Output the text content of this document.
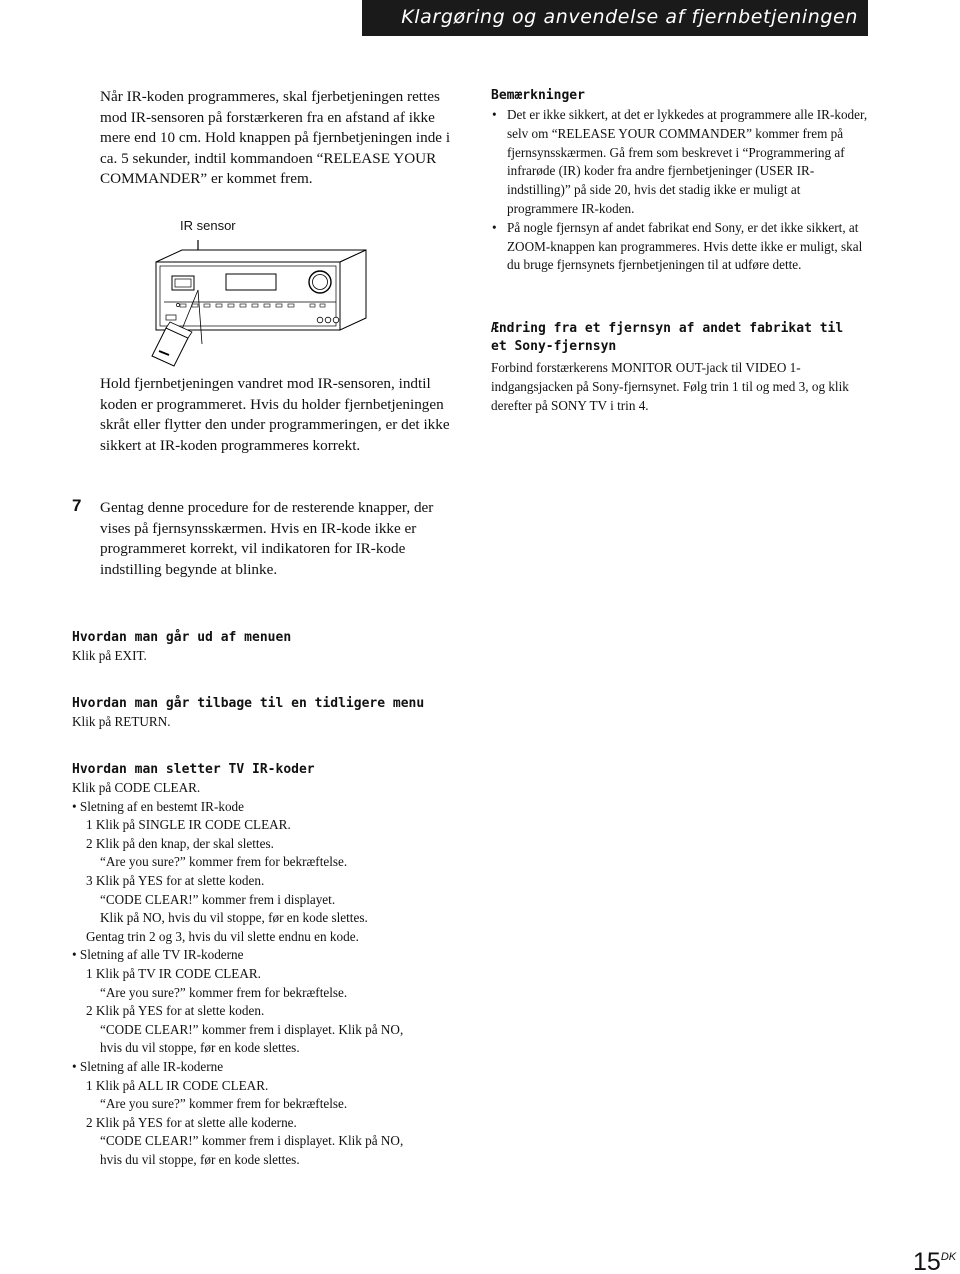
Klargøring og anvendelse af fjernbetjeningen

Når IR-koden programmeres, skal fjerbetjeningen rettes mod IR-sensoren på forstærkeren fra en afstand af ikke mere end 10 cm. Hold knappen på fjernbetjeningen inde i ca. 5 sekunder, indtil kommandoen “RELEASE YOUR COMMANDER” er kommet frem.

IR sensor

Hold fjernbetjeningen vandret mod IR-sensoren, indtil koden er programmeret. Hvis du holder fjernbetjeningen skråt eller flytter den under programmeringen, er det ikke sikkert at IR-koden programmeres korrekt.

7 Gentag denne procedure for de resterende knapper, der vises på fjernsynsskærmen. Hvis en IR-kode ikke er programmeret korrekt, vil indikatoren for IR-kode indstilling begynde at blinke.

Bemærkninger
• Det er ikke sikkert, at det er lykkedes at programmere alle IR-koder, selv om “RELEASE YOUR COMMANDER” kommer frem på fjernsynsskærmen. Gå frem som beskrevet i “Programmering af infrarøde (IR) koder fra andre fjernbetjeninger (USER IR-indstilling)” på side 20, hvis det stadig ikke er muligt at programmere IR-koden.
• På nogle fjernsyn af andet fabrikat end Sony, er det ikke sikkert, at ZOOM-knappen kan programmeres. Hvis dette ikke er muligt, skal du bruge fjernsynets fjernbetjeningen til at udføre dette.
Ændring fra et fjernsyn af andet fabrikat til et Sony-fjernsyn

Forbind forstærkerens MONITOR OUT-jack til VIDEO 1-indgangsjacken på Sony-fjernsynet. Følg trin 1 til og med 3, og klik derefter på SONY TV i trin 4.

Hvordan man går ud af menuen
Klik på EXIT.
Hvordan man går tilbage til en tidligere menu
Klik på RETURN.
Hvordan man sletter TV IR-koder
Klik på CODE CLEAR.
• Sletning af en bestemt IR-kode
1 Klik på SINGLE IR CODE CLEAR.
2 Klik på den knap, der skal slettes.
“Are you sure?” kommer frem for bekræftelse.
3 Klik på YES for at slette koden.
“CODE CLEAR!” kommer frem i displayet.
Klik på NO, hvis du vil stoppe, før en kode slettes.
Gentag trin 2 og 3, hvis du vil slette endnu en kode.
• Sletning af alle TV IR-koderne
1 Klik på TV IR CODE CLEAR.
“Are you sure?” kommer frem for bekræftelse.
2 Klik på YES for at slette koden.
“CODE CLEAR!” kommer frem i displayet. Klik på NO,
hvis du vil stoppe, før en kode slettes.
• Sletning af alle IR-koderne
1 Klik på ALL IR CODE CLEAR.
“Are you sure?” kommer frem for bekræftelse.
2 Klik på YES for at slette alle koderne.
“CODE CLEAR!” kommer frem i displayet. Klik på NO,
hvis du vil stoppe, før en kode slettes.
$15^{DK}$
